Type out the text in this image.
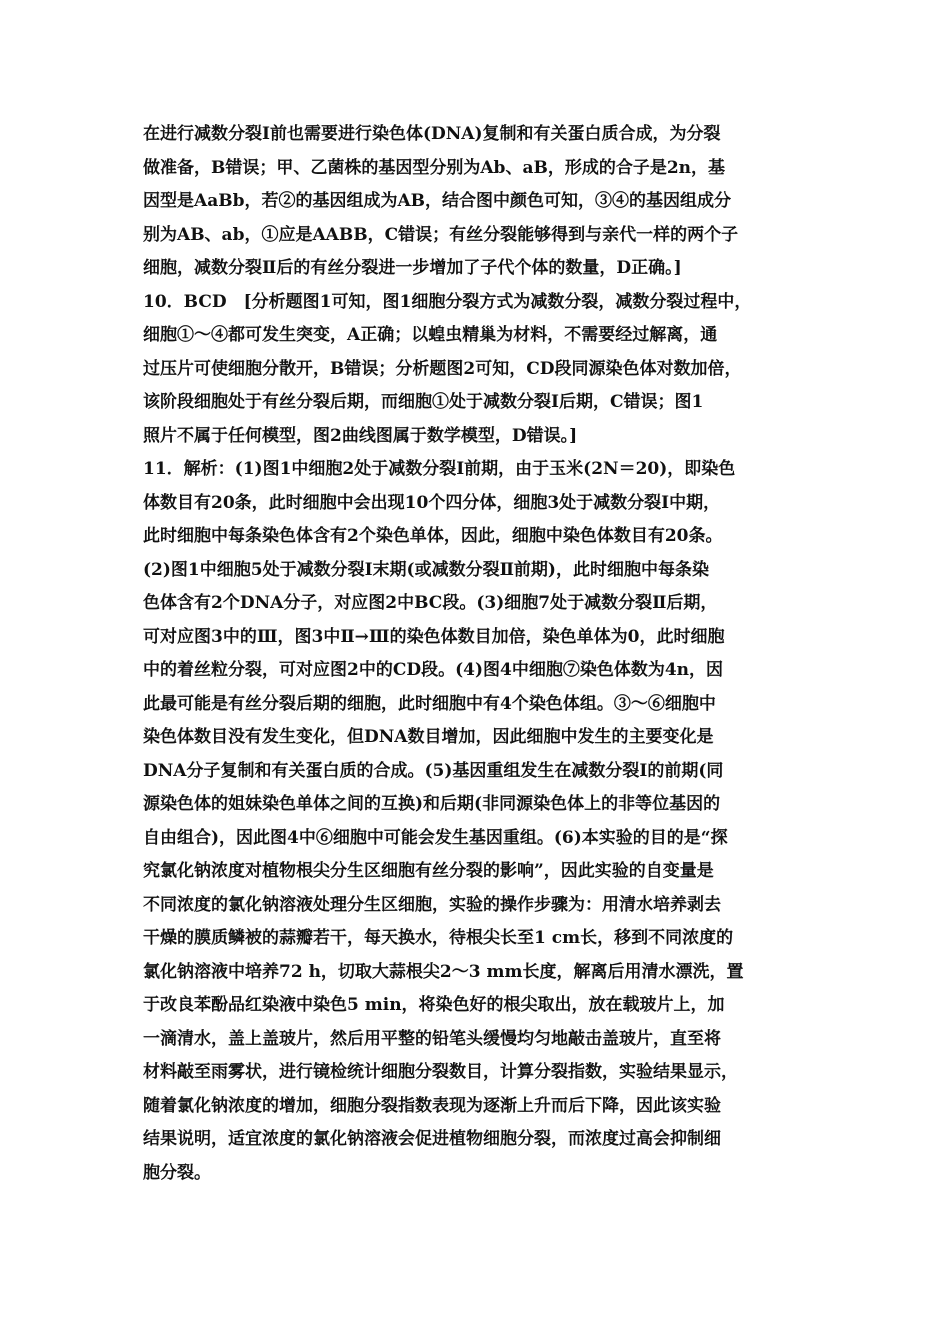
在进行减数分裂Ⅰ前也需要进行染色体(DNA)复制和有关蛋白质合成，为分裂
做准备，B错误；甲、乙菌株的基因型分别为Ab、aB，形成的合子是2n，基
因型是AaBb，若②的基因组成为AB，结合图中颜色可知，③④的基因组成分
别为AB、ab，①应是AABB，C错误；有丝分裂能够得到与亲代一样的两个子
细胞，减数分裂Ⅱ后的有丝分裂进一步增加了子代个体的数量，D正确。]
10．BCD　[分析题图1可知，图1细胞分裂方式为减数分裂，减数分裂过程中，
细胞①～④都可发生突变，A正确；以蝗虫精巢为材料，不需要经过解离，通
过压片可使细胞分散开，B错误；分析题图2可知，CD段同源染色体对数加倍，
该阶段细胞处于有丝分裂后期，而细胞①处于减数分裂Ⅰ后期，C错误；图1
照片不属于任何模型，图2曲线图属于数学模型，D错误。]
11．解析：(1)图1中细胞2处于减数分裂Ⅰ前期，由于玉米(2N＝20)，即染色
体数目有20条，此时细胞中会出现10个四分体，细胞3处于减数分裂Ⅰ中期，
此时细胞中每条染色体含有2个染色单体，因此，细胞中染色体数目有20条。
(2)图1中细胞5处于减数分裂Ⅰ末期(或减数分裂Ⅱ前期)，此时细胞中每条染
色体含有2个DNA分子，对应图2中BC段。(3)细胞7处于减数分裂Ⅱ后期，
可对应图3中的Ⅲ，图3中Ⅱ→Ⅲ的染色体数目加倍，染色单体为0，此时细胞
中的着丝粒分裂，可对应图2中的CD段。(4)图4中细胞⑦染色体数为4n，因
此最可能是有丝分裂后期的细胞，此时细胞中有4个染色体组。③～⑥细胞中
染色体数目没有发生变化，但DNA数目增加，因此细胞中发生的主要变化是
DNA分子复制和有关蛋白质的合成。(5)基因重组发生在减数分裂Ⅰ的前期(同
源染色体的姐妹染色单体之间的互换)和后期(非同源染色体上的非等位基因的
自由组合)，因此图4中⑥细胞中可能会发生基因重组。(6)本实验的目的是“探
究氯化钠浓度对植物根尖分生区细胞有丝分裂的影响”，因此实验的自变量是
不同浓度的氯化钠溶液处理分生区细胞，实验的操作步骤为：用清水培养剥去
干燥的膜质鳞被的蒜瓣若干，每天换水，待根尖长至1 cm长，移到不同浓度的
氯化钠溶液中培养72 h，切取大蒜根尖2～3 mm长度，解离后用清水漂洗，置
于改良苯酚品红染液中染色5 min，将染色好的根尖取出，放在载玻片上，加
一滴清水，盖上盖玻片，然后用平整的铅笔头缓慢均匀地敲击盖玻片，直至将
材料敲至雨雾状，进行镜检统计细胞分裂数目，计算分裂指数，实验结果显示，
随着氯化钠浓度的增加，细胞分裂指数表现为逐渐上升而后下降，因此该实验
结果说明，适宜浓度的氯化钠溶液会促进植物细胞分裂，而浓度过高会抑制细
胞分裂。
